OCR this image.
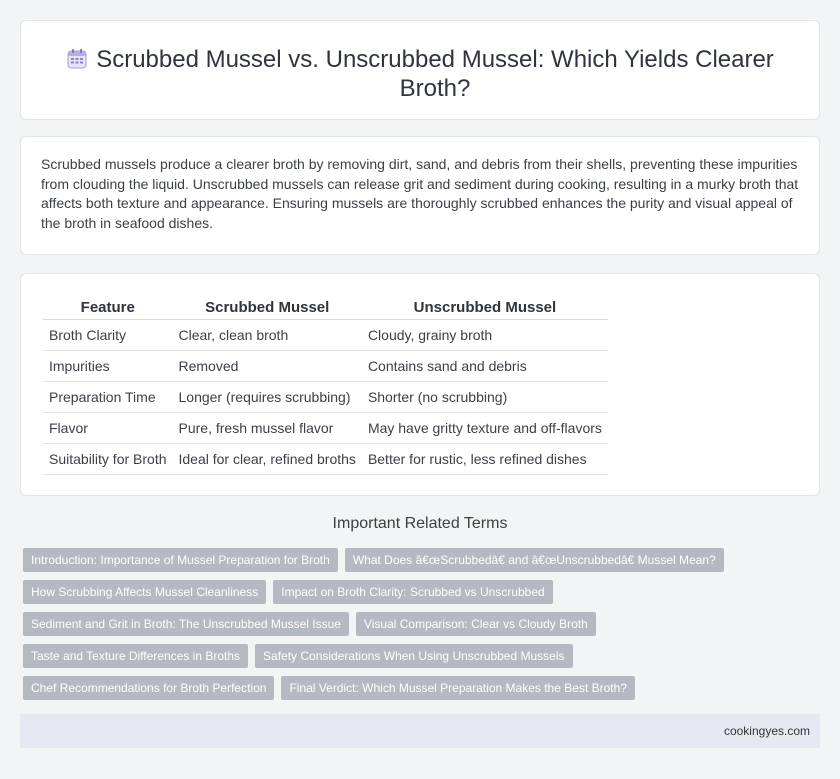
Scrubbed Mussel vs. Unscrubbed Mussel: Which Yields Clearer Broth?

Scrubbed mussels produce a clearer broth by removing dirt, sand, and debris from their shells, preventing these impurities from clouding the liquid. Unscrubbed mussels can release grit and sediment during cooking, resulting in a murky broth that affects both texture and appearance. Ensuring mussels are thoroughly scrubbed enhances the purity and visual appeal of the broth in seafood dishes.

Feature	Scrubbed Mussel	Unscrubbed Mussel
Broth Clarity	Clear, clean broth	Cloudy, grainy broth
Impurities	Removed	Contains sand and debris
Preparation Time	Longer (requires scrubbing)	Shorter (no scrubbing)
Flavor	Pure, fresh mussel flavor	May have gritty texture and off-flavors
Suitability for Broth	Ideal for clear, refined broths	Better for rustic, less refined dishes
Important Related Terms
Introduction: Importance of Mussel Preparation for Broth	What Does â€œScrubbedâ€ and â€œUnscrubbedâ€ Mussel Mean?
How Scrubbing Affects Mussel Cleanliness	Impact on Broth Clarity: Scrubbed vs Unscrubbed
Sediment and Grit in Broth: The Unscrubbed Mussel Issue	Visual Comparison: Clear vs Cloudy Broth
Taste and Texture Differences in Broths	Safety Considerations When Using Unscrubbed Mussels
Chef Recommendations for Broth Perfection	Final Verdict: Which Mussel Preparation Makes the Best Broth?
cookingyes.com
